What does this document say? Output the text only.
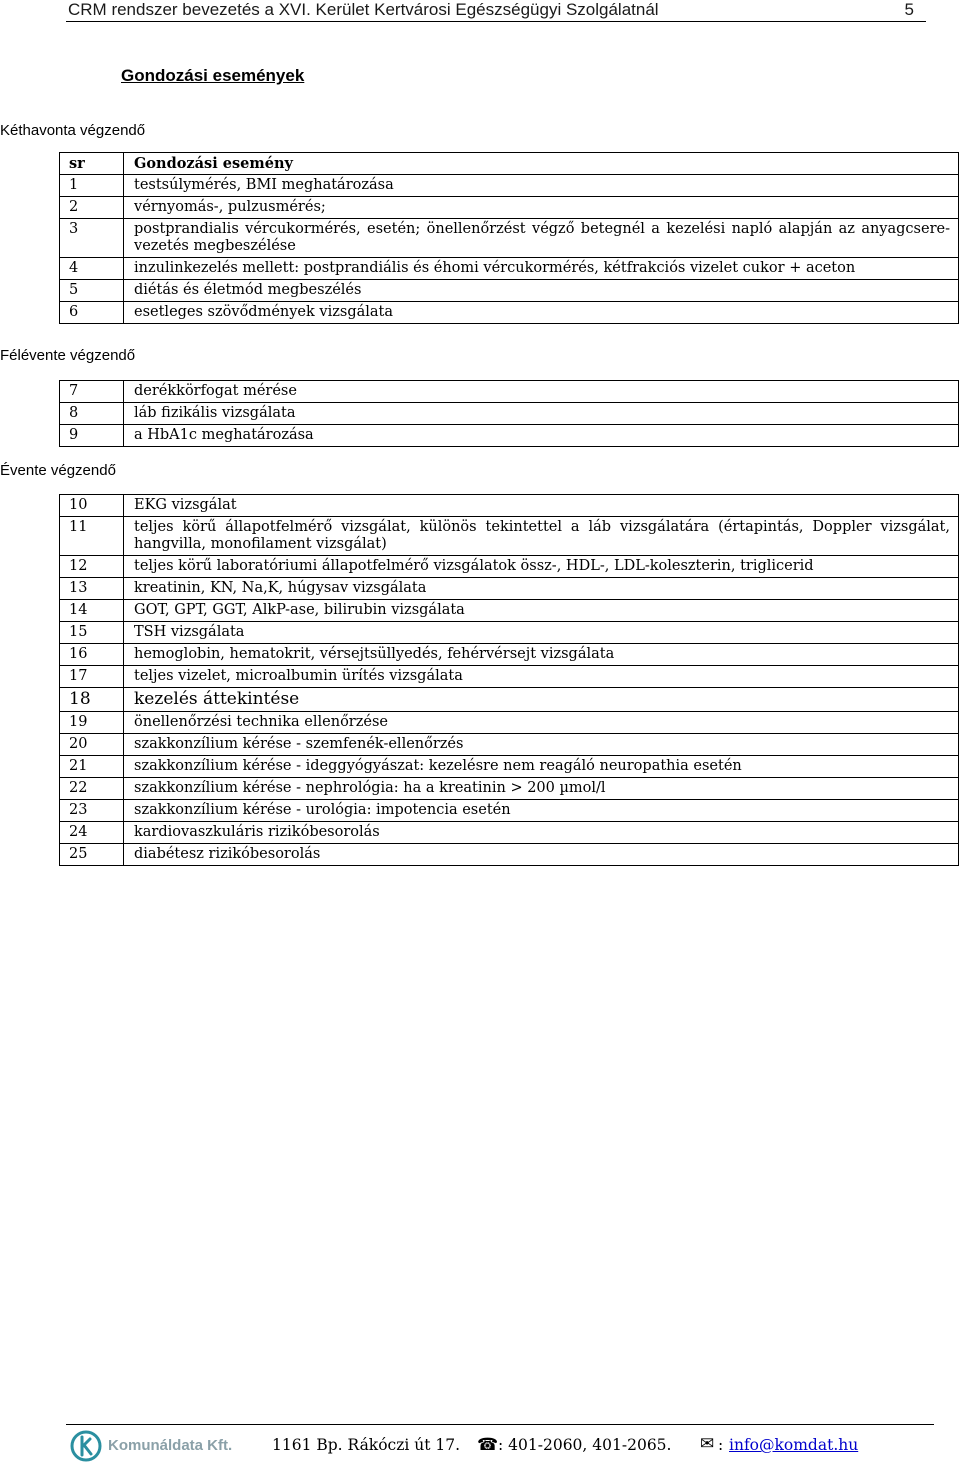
CRM rendszer bevezetés a XVI. Kerület Kertvárosi Egészségügyi Szolgálatnál	5
Gondozási események
Kéthavonta végzendő
sr	Gondozási esemény
1	testsúlymérés, BMI meghatározása
2	vérnyomás-, pulzusmérés;
3	postprandialis vércukormérés, esetén; önellenőrzést végző betegnél a kezelési napló alapján az anyagcsere-vezetés megbeszélése
4	inzulinkezelés mellett: postprandiális és éhomi vércukormérés, kétfrakciós vizelet cukor + aceton
5	diétás és életmód megbeszélés
6	esetleges szövődmények vizsgálata
Félévente végzendő
7	derékkörfogat mérése
8	láb fizikális vizsgálata
9	a HbA1c meghatározása
Évente végzendő
10	EKG vizsgálat
11	teljes körű állapotfelmérő vizsgálat, különös tekintettel a láb vizsgálatára (értapintás, Doppler vizsgálat, hangvilla, monofilament vizsgálat)
12	teljes körű laboratóriumi állapotfelmérő vizsgálatok össz-, HDL-, LDL-koleszterin, triglicerid
13	kreatinin, KN, Na,K, húgysav vizsgálata
14	GOT, GPT, GGT, AlkP-ase, bilirubin vizsgálata
15	TSH vizsgálata
16	hemoglobin, hematokrit, vérsejtsüllyedés, fehérvérsejt vizsgálata
17	teljes vizelet, microalbumin ürítés vizsgálata
18	kezelés áttekintése
19	önellenőrzési technika ellenőrzése
20	szakkonzílium kérése - szemfenék-ellenőrzés
21	szakkonzílium kérése - ideggyógyászat: kezelésre nem reagáló neuropathia esetén
22	szakkonzílium kérése - nephrológia: ha a kreatinin > 200 µmol/l
23	szakkonzílium kérése - urológia: impotencia esetén
24	kardiovaszkuláris rizikóbesorolás
25	diabétesz rizikóbesorolás
Komunáldata Kft.	1161 Bp. Rákóczi út 17. ☎ : 401-2060, 401-2065. ✉ : info@komdat.hu
